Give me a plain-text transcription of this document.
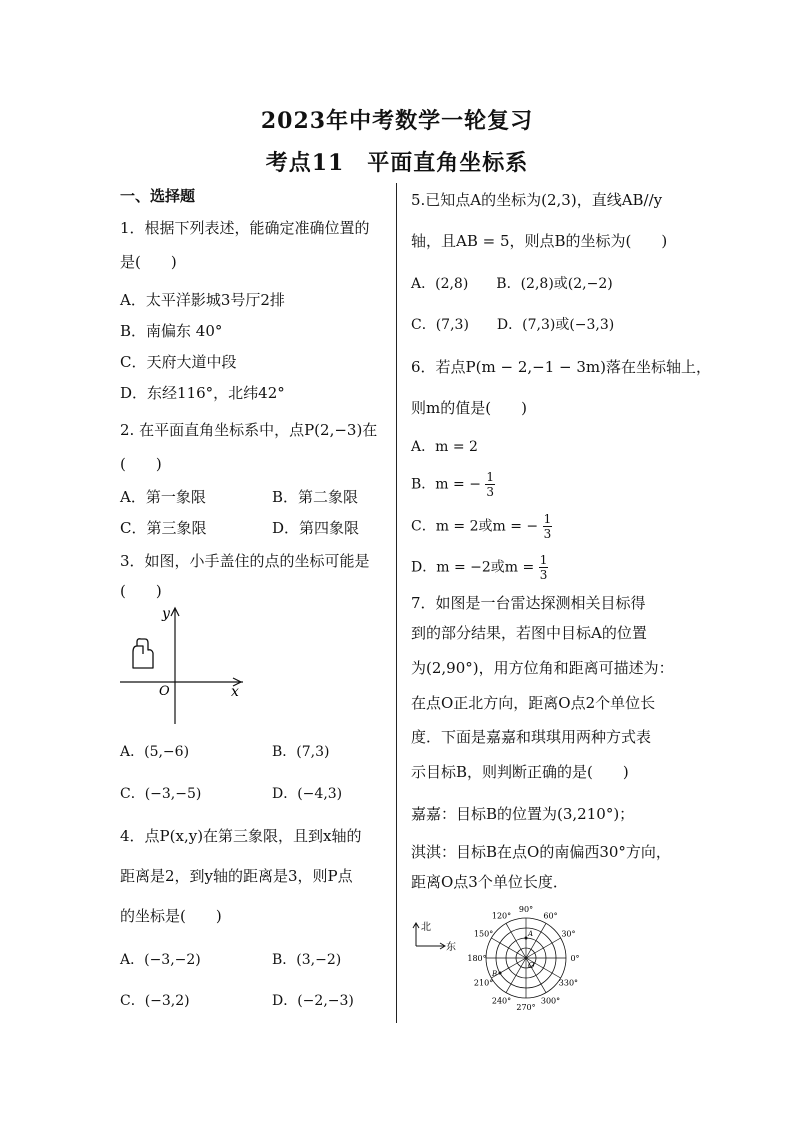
2023年中考数学一轮复习
考点11　平面直角坐标系
一、选择题
1．根据下列表述，能确定准确位置的
是(　　)
A．太平洋影城3号厅2排
B．南偏东 40°
C．天府大道中段
D．东经116°，北纬42°
2. 在平面直角坐标系中，点P(2,−3)在
(　　)
A．第一象限	B．第二象限
C．第三象限	D．第四象限
3．如图，小手盖住的点的坐标可能是
(　　)
y
x
O
A．(5,−6)	B．(7,3)
C．(−3,−5)	D．(−4,3)
4．点P(x,y)在第三象限，且到x轴的
距离是2，到y轴的距离是3，则P点
的坐标是(　　)
A．(−3,−2)	B．(3,−2)
C．(−3,2)	D．(−2,−3)
5.已知点A的坐标为(2,3)，直线AB//y
轴，且AB = 5，则点B的坐标为(　　)
A．(2,8)　　B．(2,8)或(2,−2)
C．(7,3)　　D．(7,3)或(−3,3)
6．若点P(m − 2,−1 − 3m)落在坐标轴上，
则m的值是(　　)
A．m = 2
B．m = − $\frac{1}{3}$
C．m = 2或m = − $\frac{1}{3}$
D．m = −2或$m = \frac{1}{3}$
7．如图是一台雷达探测相关目标得
到的部分结果，若图中目标A的位置
为(2,90°)，用方位角和距离可描述为：
在点O正北方向，距离O点2个单位长
度．下面是嘉嘉和琪琪用两种方式表
示目标B，则判断正确的是(　　)
嘉嘉：目标B的位置为(3,210°)；
淇淇：目标B在点O的南偏西30°方向，
距离O点3个单位长度．
北
东
0°
30°
60°
90°
120°
150°
180°
210°
240°
270°
300°
330°
O
A
B
